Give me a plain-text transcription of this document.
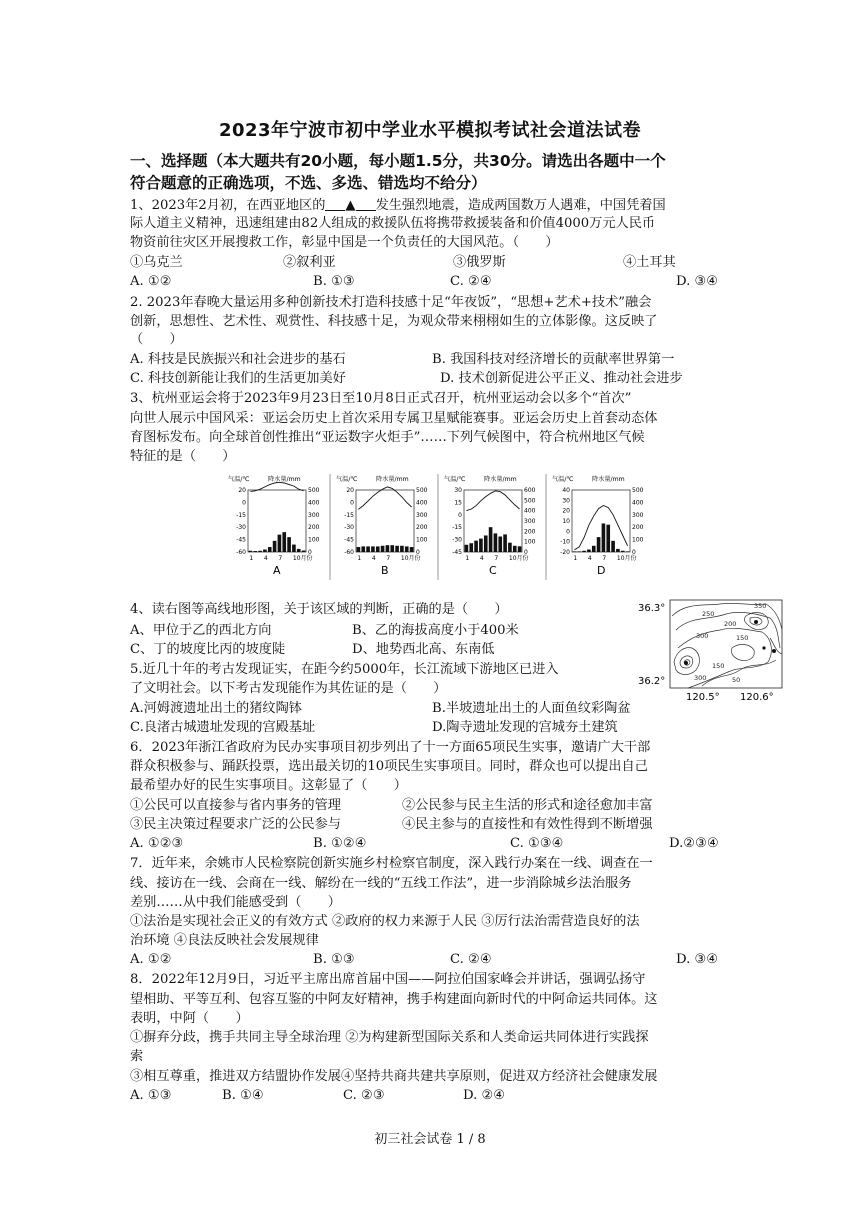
2023年宁波市初中学业水平模拟考试社会道法试卷
一、选择题（本大题共有20小题，每小题1.5分，共30分。请选出各题中一个
符合题意的正确选项，不选、多选、错选均不给分）
1、2023年2月初，在西亚地区的 ▲ 发生强烈地震，造成两国数万人遇难，中国凭着国
际人道主义精神，迅速组建由82人组成的救援队伍将携带救援装备和价值4000万元人民币
物资前往灾区开展搜救工作，彰显中国是一个负责任的大国风范。（　　）
①乌克兰	②叙利亚	③俄罗斯	④土耳其
A. ①②	B. ①③	C. ②④	D. ③④
2. 2023年春晚大量运用多种创新技术打造科技感十足“年夜饭”，“思想+艺术+技术”融会
创新，思想性、艺术性、观赏性、科技感十足，为观众带来栩栩如生的立体影像。这反映了
（　　）
A. 科技是民族振兴和社会进步的基石	B. 我国科技对经济增长的贡献率世界第一
C. 科技创新能让我们的生活更加美好	D. 技术创新促进公平正义、推动社会进步
3、杭州亚运会将于2023年9月23日至10月8日正式召开，杭州亚运动会以多个“首次”
向世人展示中国风采：亚运会历史上首次采用专属卫星赋能赛事。亚运会历史上首套动态体
育图标发布。向全球首创性推出“亚运数字火炬手”……下列气候图中，符合杭州地区气候
特征的是（　　）
气温/℃	降水量/mm
20
0
-15
-30
-45
-60
500
400
300
200
100
0
1 4 7 10月份
A
气温/℃	降水量/mm
20
0
-15
-30
-45
-60
500
400
300
200
100
0
1 4 7 10月份
B
气温/℃	降水量/mm
30
15
0
-15
-30
-45
600
500
400
300
200
100
0
1 4 7 10月份
C
气温/℃	降水量/mm
40
30
20
10
0
-10
-20
500
400
300
200
100
0
1 4 7 10月份
D
4、读右图等高线地形图，关于该区域的判断，正确的是（　　）
A、甲位于乙的西北方向	B、乙的海拔高度小于400米
C、丁的坡度比丙的坡度陡	D、地势西北高、东南低
36.3°
36.2°
120.5° 120.6°
250
300
200
150
350
300
150
50
5.近几十年的考古发现证实，在距今约5000年，长江流域下游地区已进入
了文明社会。以下考古发现能作为其佐证的是（　　）
A.河姆渡遗址出土的猪纹陶钵	B.半坡遗址出土的人面鱼纹彩陶盆
C.良渚古城遗址发现的宫殿基址	D.陶寺遗址发现的宫城夯土建筑
6．2023年浙江省政府为民办实事项目初步列出了十一方面65项民生实事，邀请广大干部
群众积极参与、踊跃投票，选出最关切的10项民生实事项目。同时，群众也可以提出自己
最希望办好的民生实事项目。这彰显了（　　）
①公民可以直接参与省内事务的管理	②公民参与民主生活的形式和途径愈加丰富
③民主决策过程要求广泛的公民参与	④民主参与的直接性和有效性得到不断增强
A. ①②③	B. ①②④	C. ①③④	D.②③④
7．近年来，余姚市人民检察院创新实施乡村检察官制度，深入践行办案在一线、调查在一
线、接访在一线、会商在一线、解纷在一线的“五线工作法”，进一步消除城乡法治服务
差别……从中我们能感受到（　　）
①法治是实现社会正义的有效方式 ②政府的权力来源于人民 ③厉行法治需营造良好的法
治环境 ④良法反映社会发展规律
A. ①②	B. ①③	C. ②④	D. ③④
8．2022年12月9日，习近平主席出席首届中国——阿拉伯国家峰会并讲话，强调弘扬守
望相助、平等互利、包容互鉴的中阿友好精神，携手构建面向新时代的中阿命运共同体。这
表明，中阿（　　）
①摒弃分歧，携手共同主导全球治理 ②为构建新型国际关系和人类命运共同体进行实践探
索
③相互尊重，推进双方结盟协作发展④坚持共商共建共享原则，促进双方经济社会健康发展
A. ①③	B. ①④	C. ②③	D. ②④
初三社会试卷 1 / 8
